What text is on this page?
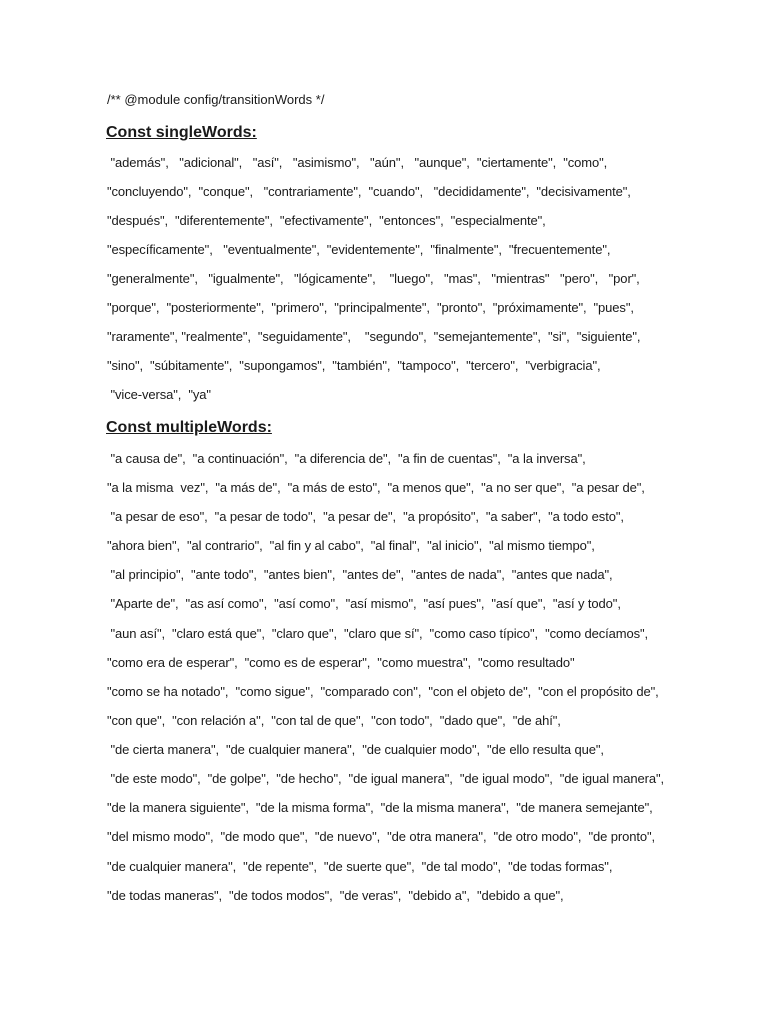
/** @module config/transitionWords */
Const singleWords:
"además",   "adicional",   "así",   "asimismo",   "aún",   "aunque",  "ciertamente",  "como",
"concluyendo",  "conque",   "contrariamente",  "cuando",   "decididamente",  "decisivamente",
"después",  "diferentemente",  "efectivamente",  "entonces",  "especialmente",
"específicamente",   "eventualmente",  "evidentemente",  "finalmente",  "frecuentemente",
"generalmente",   "igualmente",   "lógicamente",    "luego",   "mas",   "mientras"   "pero",   "por",
"porque",  "posteriormente",  "primero",  "principalmente",  "pronto",  "próximamente",  "pues",
"raramente", "realmente",  "seguidamente",    "segundo",  "semejantemente",  "si",  "siguiente",
"sino",  "súbitamente",  "supongamos",  "también",  "tampoco",  "tercero",  "verbigracia",
"vice-versa",  "ya"
Const multipleWords:
"a causa de",  "a continuación",  "a diferencia de",  "a fin de cuentas",  "a la inversa",
"a la misma  vez",  "a más de",  "a más de esto",  "a menos que",  "a no ser que",  "a pesar de",
"a pesar de eso",  "a pesar de todo",  "a pesar de",  "a propósito",  "a saber",  "a todo esto",
"ahora bien",  "al contrario",  "al fin y al cabo",  "al final",  "al inicio",  "al mismo tiempo",
"al principio",  "ante todo",  "antes bien",  "antes de",  "antes de nada",  "antes que nada",
"Aparte de",  "as así como",  "así como",  "así mismo",  "así pues",  "así que",  "así y todo",
"aun así",  "claro está que",  "claro que",  "claro que sí",  "como caso típico",  "como decíamos",
"como era de esperar",  "como es de esperar",  "como muestra",  "como resultado"
"como se ha notado",  "como sigue",  "comparado con",  "con el objeto de",  "con el propósito de",
"con que",  "con relación a",  "con tal de que",  "con todo",  "dado que",  "de ahí",
"de cierta manera",  "de cualquier manera",  "de cualquier modo",  "de ello resulta que",
"de este modo",  "de golpe",  "de hecho",  "de igual manera",  "de igual modo",  "de igual manera",
"de la manera siguiente",  "de la misma forma",  "de la misma manera",  "de manera semejante",
"del mismo modo",  "de modo que",  "de nuevo",  "de otra manera",  "de otro modo",  "de pronto",
"de cualquier manera",  "de repente",  "de suerte que",  "de tal modo",  "de todas formas",
"de todas maneras",  "de todos modos",  "de veras",  "debido a",  "debido a que",
